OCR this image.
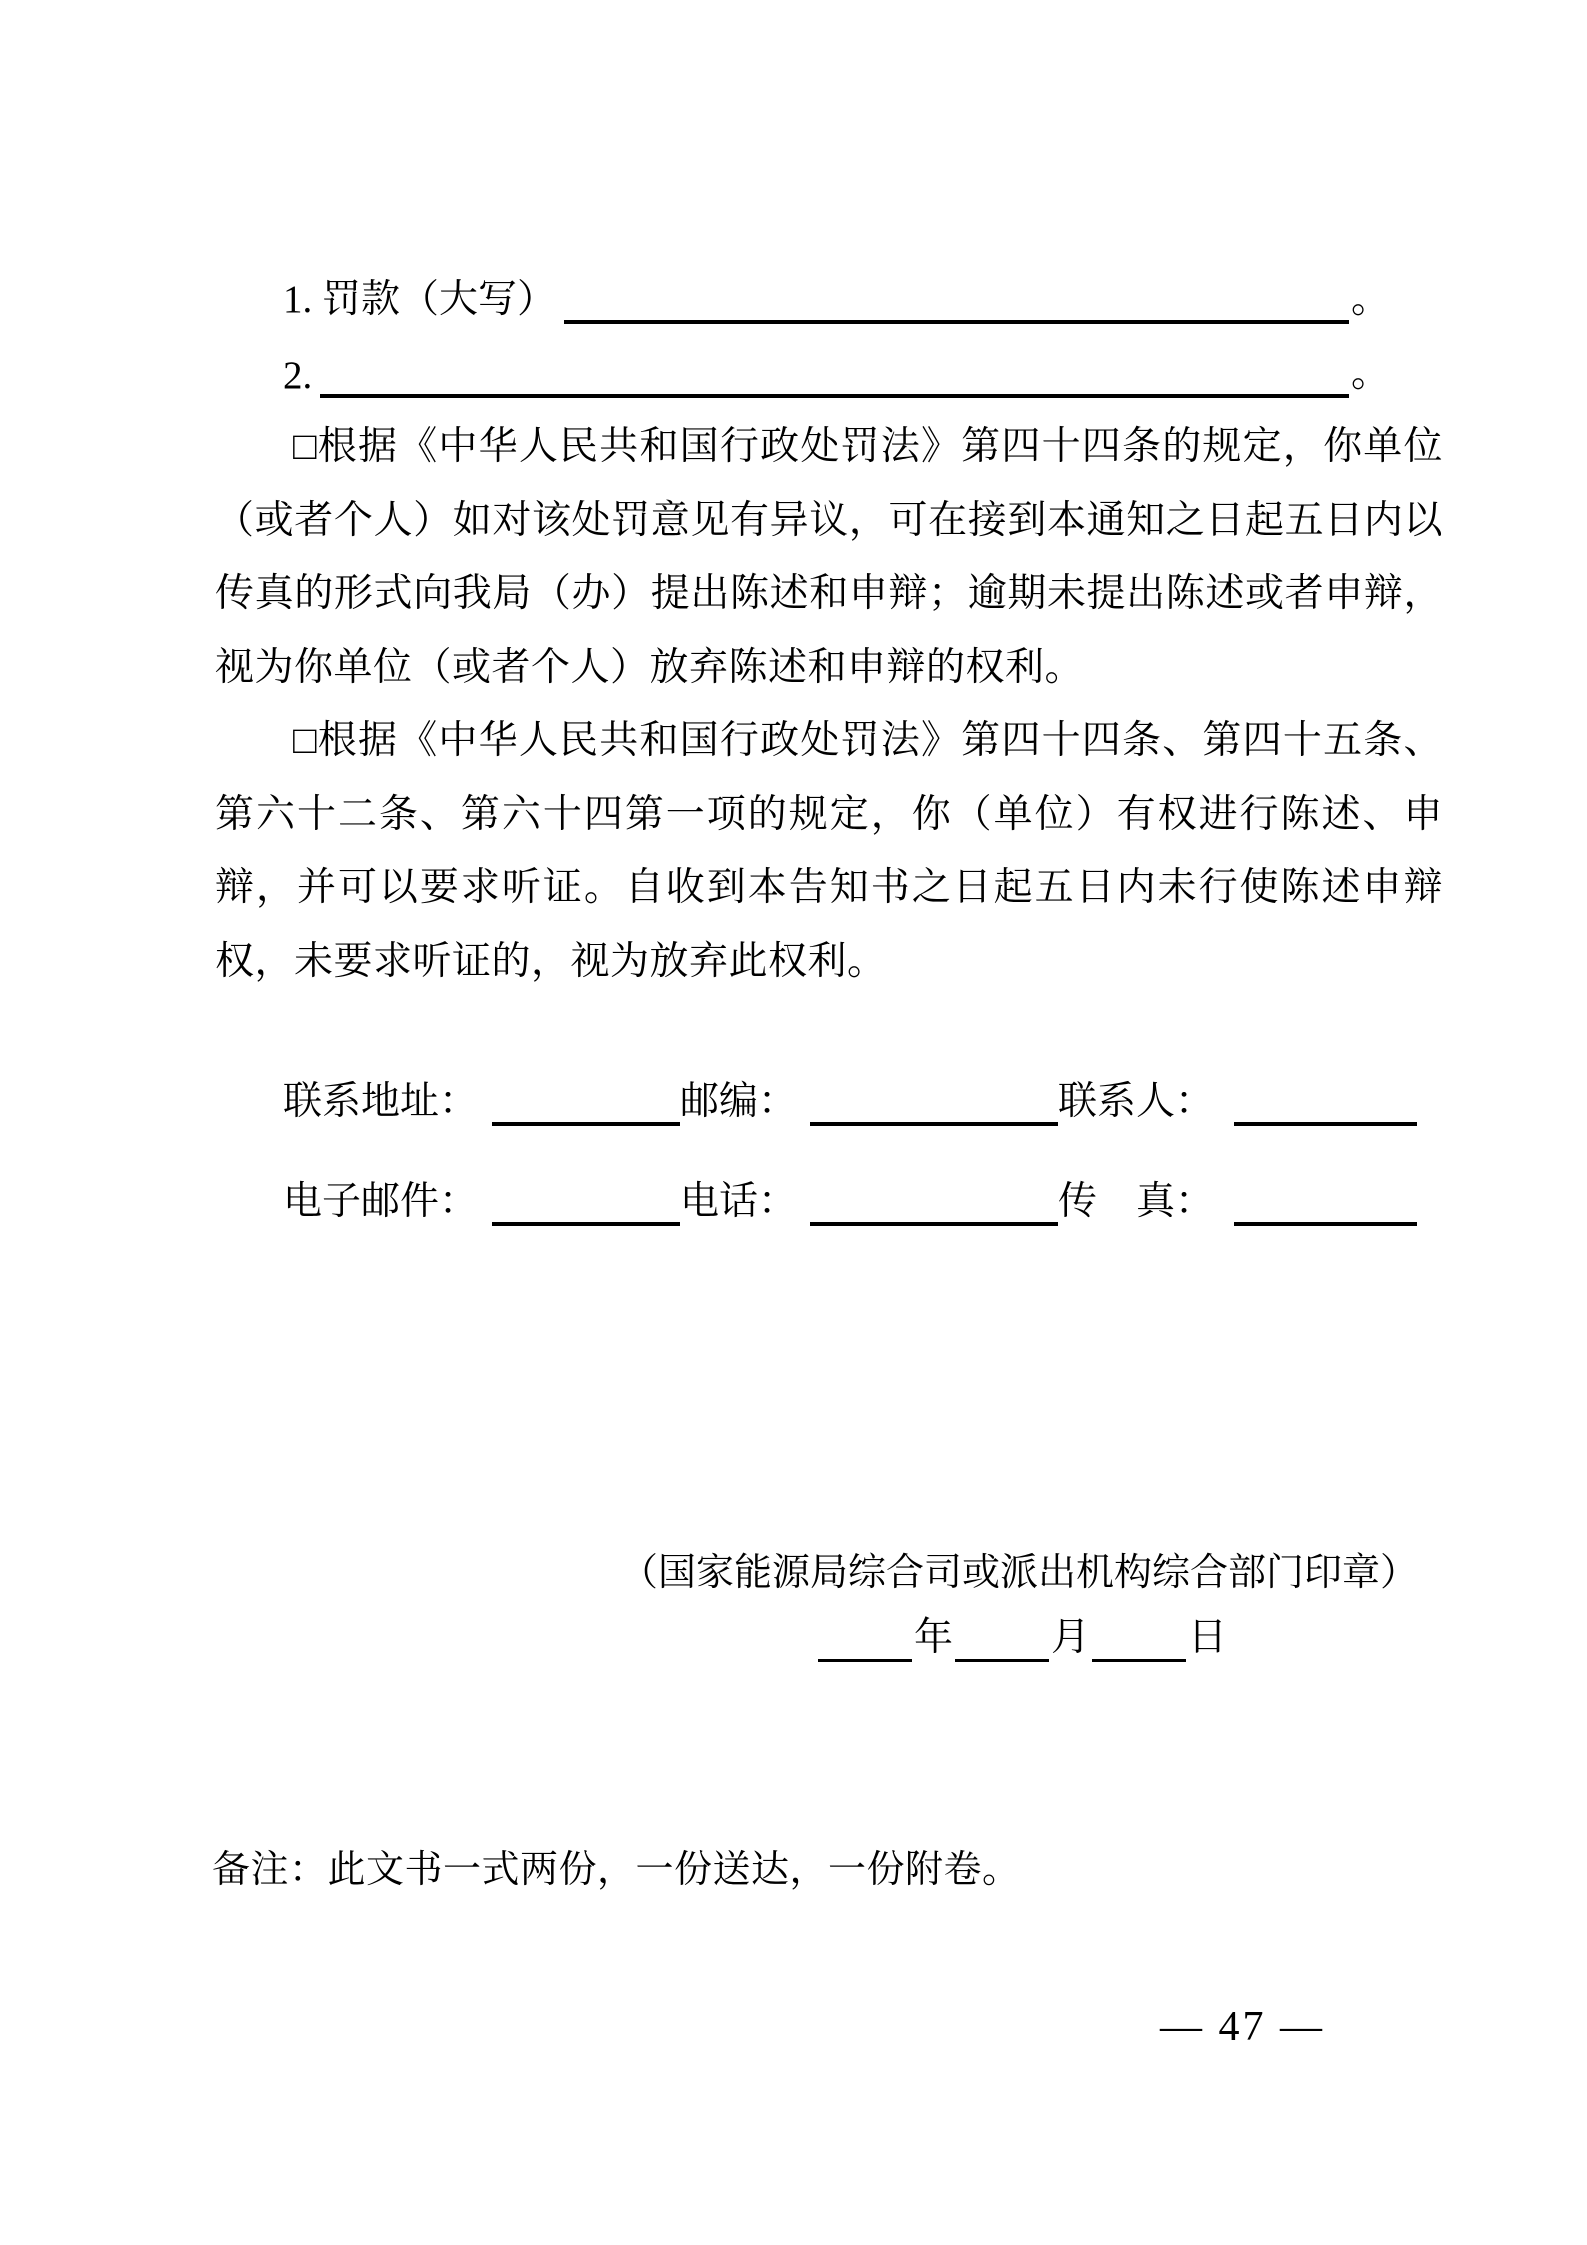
1. 罚款（大写）	。
2.	。

□根据《中华人民共和国行政处罚法》第四十四条的规定，你单位（或者个人）如对该处罚意见有异议，可在接到本通知之日起五日内以传真的形式向我局（办）提出陈述和申辩；逾期未提出陈述或者申辩，视为你单位（或者个人）放弃陈述和申辩的权利。

□根据《中华人民共和国行政处罚法》第四十四条、第四十五条、第六十二条、第六十四第一项的规定，你（单位）有权进行陈述、申辩，并可以要求听证。自收到本告知书之日起五日内未行使陈述申辩权，未要求听证的，视为放弃此权利。

联系地址：	邮编：	联系人：
电子邮件：	电话：	传　真：
（国家能源局综合司或派出机构综合部门印章）
年	月	日
备注：此文书一式两份，一份送达，一份附卷。
— 47 —
